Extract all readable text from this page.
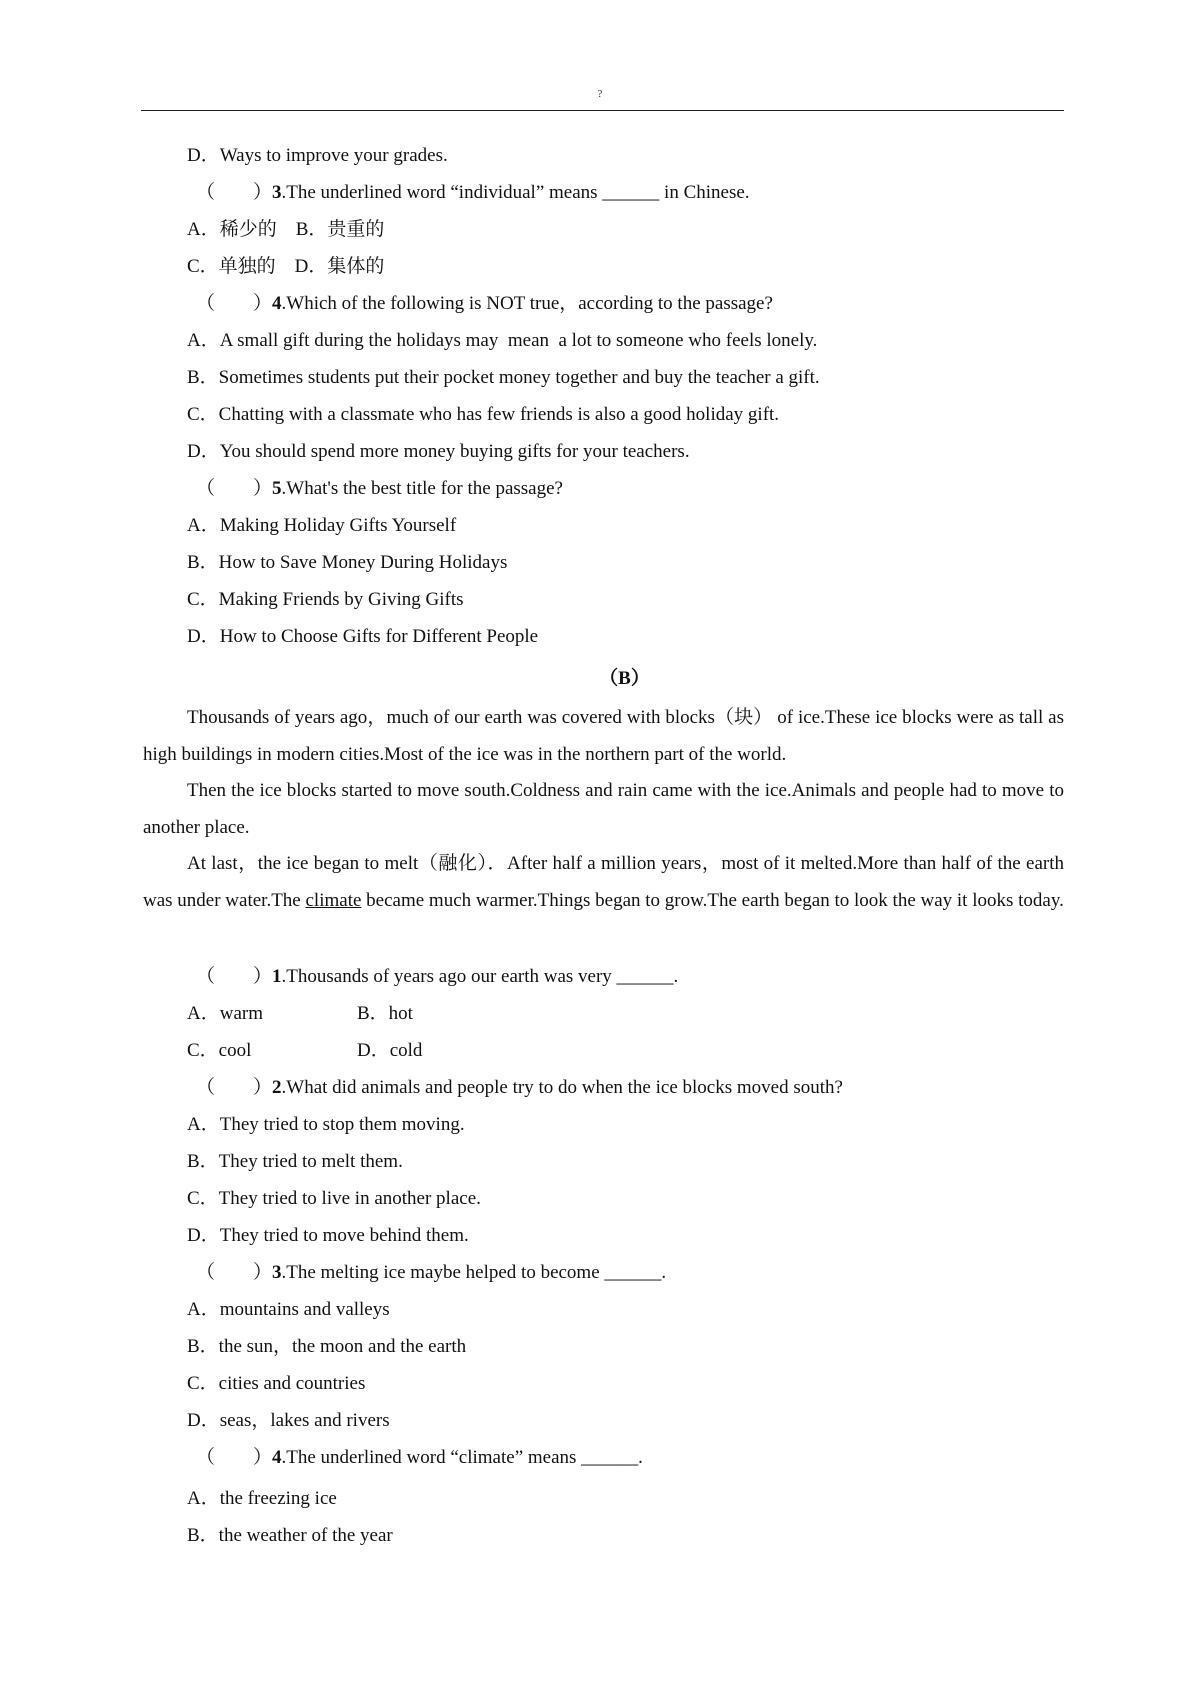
?
D．Ways to improve your grades.
（　　）3.The underlined word “individual” means ______ in Chinese.
A．稀少的　B．贵重的
C．单独的　D．集体的
（　　）4.Which of the following is NOT true，according to the passage?
A．A small gift during the holidays may  mean  a lot to someone who feels lonely.
B．Sometimes students put their pocket money together and buy the teacher a gift.
C．Chatting with a classmate who has few friends is also a good holiday gift.
D．You should spend more money buying gifts for your teachers.
（　　）5.What's the best title for the passage?
A．Making Holiday Gifts Yourself
B．How to Save Money During Holidays
C．Making Friends by Giving Gifts
D．How to Choose Gifts for Different People
（B）

Thousands of years ago，much of our earth was covered with blocks（块） of ice.These ice blocks were as tall as high buildings in modern cities.Most of the ice was in the northern part of the world.

Then the ice blocks started to move south.Coldness and rain came with the ice.Animals and people had to move to another place.

At last，the ice began to melt（融化）．After half a million years，most of it melted.More than half of the earth was under water.The climate became much warmer.Things began to grow.The earth began to look the way it looks today.

（　　）1.Thousands of years ago our earth was very ______.
A．warm	B．hot
C．cool	D．cold
（　　）2.What did animals and people try to do when the ice blocks moved south?
A．They tried to stop them moving.
B．They tried to melt them.
C．They tried to live in another place.
D．They tried to move behind them.
（　　）3.The melting ice maybe helped to become ______.
A．mountains and valleys
B．the sun，the moon and the earth
C．cities and countries
D．seas，lakes and rivers
（　　）4.The underlined word “climate” means ______.
A．the freezing ice
B．the weather of the year
